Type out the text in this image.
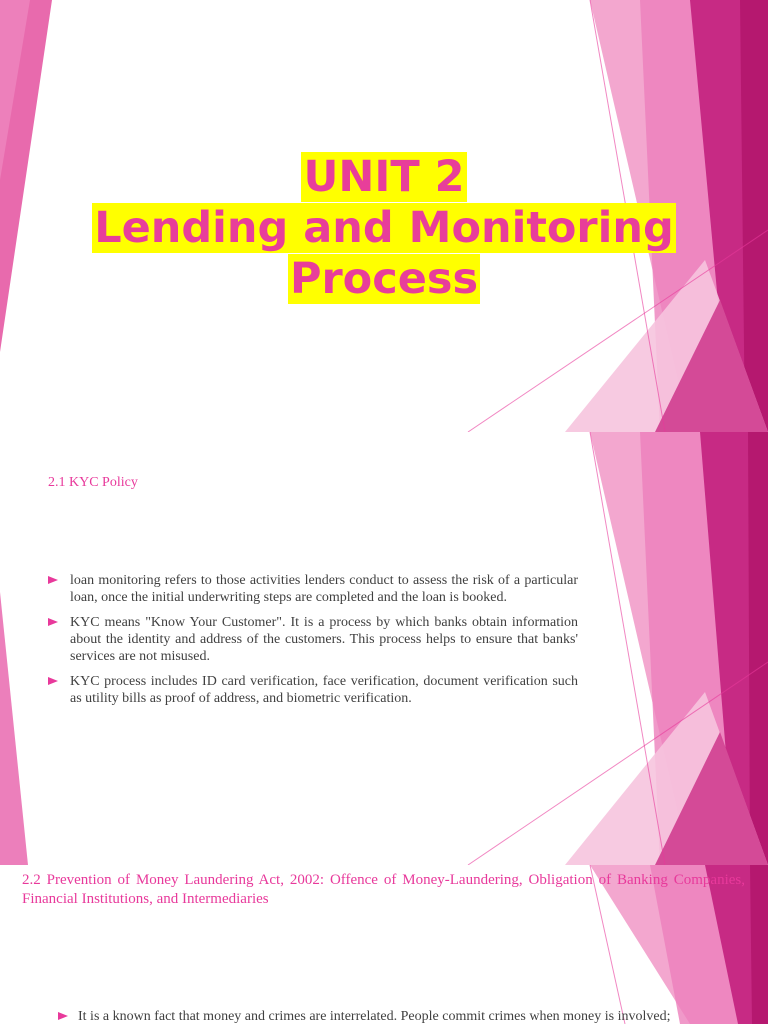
UNIT 2
Lending and Monitoring
Process
2.1 KYC Policy
loan monitoring refers to those activities lenders conduct to assess the risk of a particular loan, once the initial underwriting steps are completed and the loan is booked.
KYC means "Know Your Customer". It is a process by which banks obtain information about the identity and address of the customers. This process helps to ensure that banks' services are not misused.
KYC process includes ID card verification, face verification, document verification such as utility bills as proof of address, and biometric verification.
2.2 Prevention of Money Laundering Act, 2002: Offence of Money-Laundering, Obligation of Banking Companies, Financial Institutions, and Intermediaries
It is a known fact that money and crimes are interrelated. People commit crimes when money is involved;
